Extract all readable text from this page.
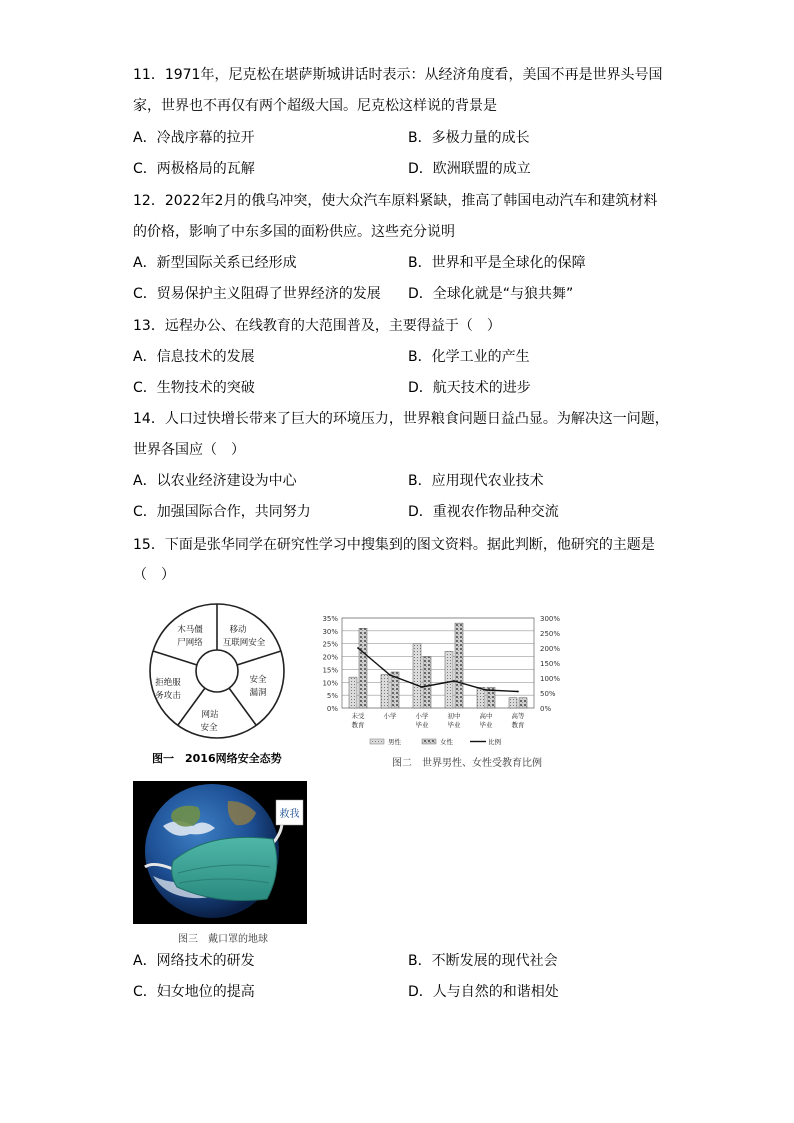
11．1971年，尼克松在堪萨斯城讲话时表示：从经济角度看，美国不再是世界头号国
家，世界也不再仅有两个超级大国。尼克松这样说的背景是
A．冷战序幕的拉开	B．多极力量的成长
C．两极格局的瓦解	D．欧洲联盟的成立
12．2022年2月的俄乌冲突，使大众汽车原料紧缺，推高了韩国电动汽车和建筑材料
的价格，影响了中东多国的面粉供应。这些充分说明
A．新型国际关系已经形成	B．世界和平是全球化的保障
C．贸易保护主义阻碍了世界经济的发展 D．全球化就是“与狼共舞”
13．远程办公、在线教育的大范围普及，主要得益于（　）
A．信息技术的发展	B．化学工业的产生
C．生物技术的突破	D．航天技术的进步
14．人口过快增长带来了巨大的环境压力，世界粮食问题日益凸显。为解决这一问题，
世界各国应（　）
A．以农业经济建设为中心	B．应用现代农业技术
C．加强国际合作，共同努力	D．重视农作物品种交流
15．下面是张华同学在研究性学习中搜集到的图文资料。据此判断，他研究的主题是
（　）
木马僵
尸网络
移动
互联网安全
安全
漏洞
网站
安全
拒绝服
务攻击
图一　2016网络安全态势
35%
30%
25%
20%
15%
10%
5%
0%
300%
250%
200%
150%
100%
50%
0%
未受
教育
小学	小学
毕业
初中
毕业
高中
毕业
高等
教育
男性	女性	比例
图二　世界男性、女性受教育比例
救我
图三　戴口罩的地球
A．网络技术的研发	B．不断发展的现代社会
C．妇女地位的提高	D．人与自然的和谐相处
